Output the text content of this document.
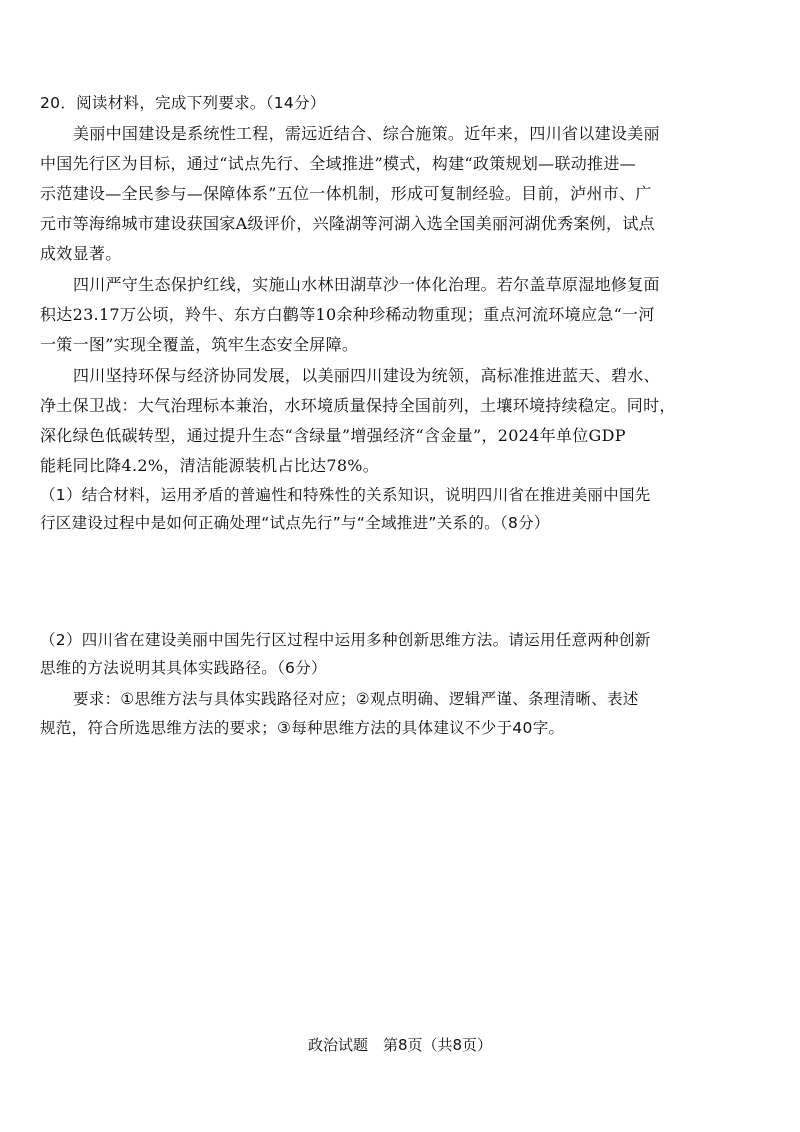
20．阅读材料，完成下列要求。（14分）
美丽中国建设是系统性工程，需远近结合、综合施策。近年来，四川省以建设美丽
中国先行区为目标，通过“试点先行、全域推进”模式，构建“政策规划—联动推进—
示范建设—全民参与—保障体系”五位一体机制，形成可复制经验。目前，泸州市、广
元市等海绵城市建设获国家A级评价，兴隆湖等河湖入选全国美丽河湖优秀案例，试点
成效显著。
四川严守生态保护红线，实施山水林田湖草沙一体化治理。若尔盖草原湿地修复面
积达23.17万公顷，羚牛、东方白鹳等10余种珍稀动物重现；重点河流环境应急“一河
一策一图”实现全覆盖，筑牢生态安全屏障。
四川坚持环保与经济协同发展，以美丽四川建设为统领，高标准推进蓝天、碧水、
净土保卫战：大气治理标本兼治，水环境质量保持全国前列，土壤环境持续稳定。同时，
深化绿色低碳转型，通过提升生态“含绿量”增强经济“含金量”，2024年单位GDP
能耗同比降4.2%，清洁能源装机占比达78%。
（1）结合材料，运用矛盾的普遍性和特殊性的关系知识，说明四川省在推进美丽中国先
行区建设过程中是如何正确处理“试点先行”与“全域推进”关系的。（8分）
（2）四川省在建设美丽中国先行区过程中运用多种创新思维方法。请运用任意两种创新
思维的方法说明其具体实践路径。（6分）
要求：①思维方法与具体实践路径对应；②观点明确、逻辑严谨、条理清晰、表述
规范，符合所选思维方法的要求；③每种思维方法的具体建议不少于40字。
政治试题　第8页（共8页）
